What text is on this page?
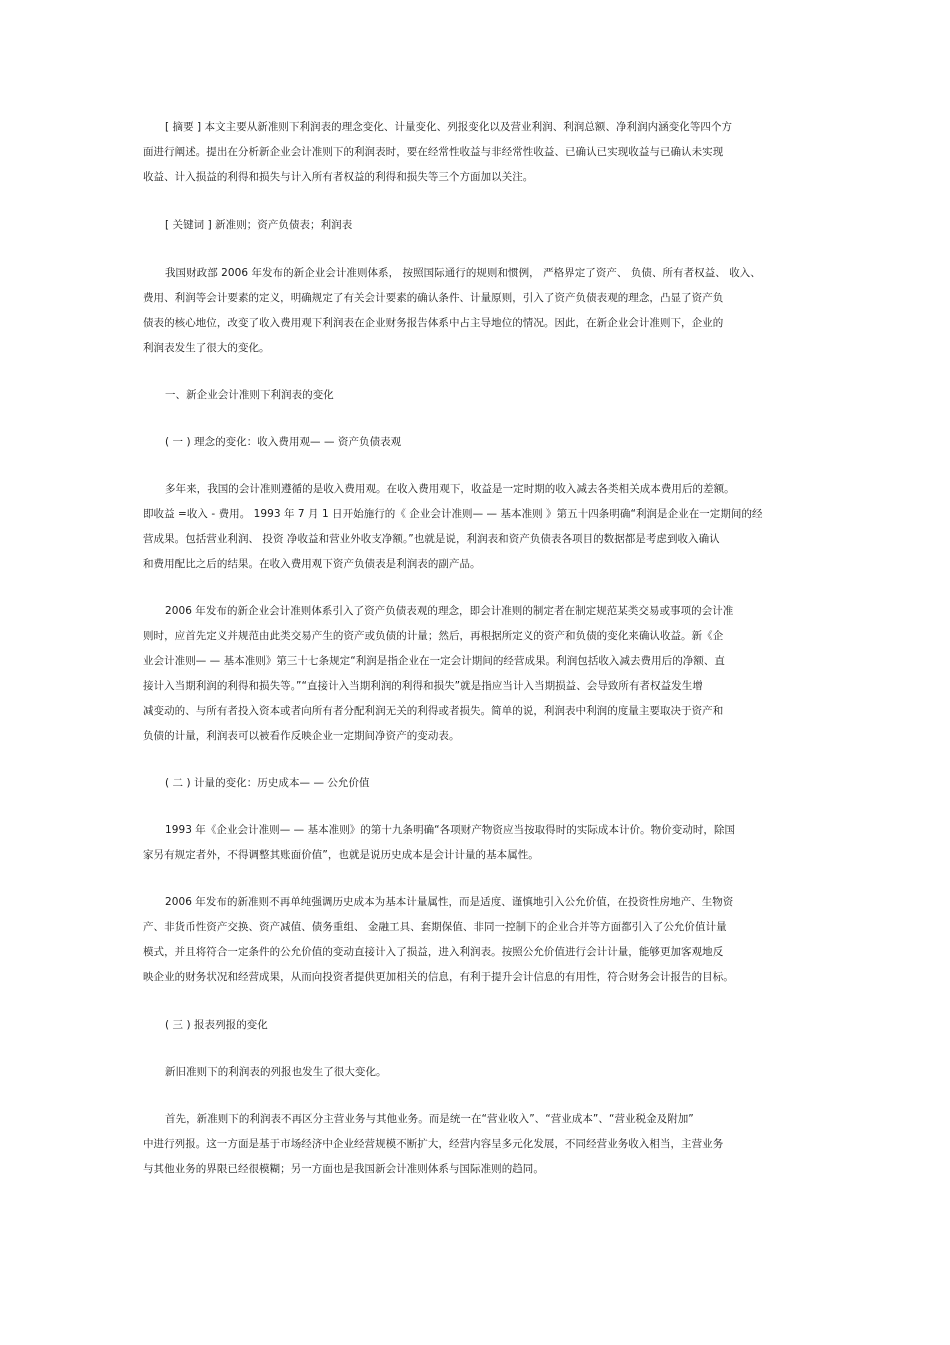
[ 摘要 ] 本文主要从新准则下利润表的理念变化、计量变化、列报变化以及营业利润、利润总额、净利润内涵变化等四个方
面进行阐述。提出在分析新企业会计准则下的利润表时，要在经常性收益与非经常性收益、已确认已实现收益与已确认未实现
收益、计入损益的利得和损失与计入所有者权益的利得和损失等三个方面加以关注。
[ 关键词 ] 新准则；资产负债表；利润表
我国财政部 2006 年发布的新企业会计准则体系， 按照国际通行的规则和惯例， 严格界定了资产、 负债、所有者权益、 收入、
费用、利润等会计要素的定义，明确规定了有关会计要素的确认条件、计量原则，引入了资产负债表观的理念，凸显了资产负
债表的核心地位，改变了收入费用观下利润表在企业财务报告体系中占主导地位的情况。因此，在新企业会计准则下，企业的
利润表发生了很大的变化。
一、新企业会计准则下利润表的变化
( 一 ) 理念的变化：收入费用观— — 资产负债表观
多年来，我国的会计准则遵循的是收入费用观。在收入费用观下，收益是一定时期的收入减去各类相关成本费用后的差额。
即收益 =收入 - 费用。 1993 年 7 月 1 日开始施行的《 企业会计准则— — 基本准则 》第五十四条明确“利润是企业在一定期间的经
营成果。包括营业利润、 投资 净收益和营业外收支净额。”也就是说，利润表和资产负债表各项目的数据都是考虑到收入确认
和费用配比之后的结果。在收入费用观下资产负债表是利润表的副产品。
2006 年发布的新企业会计准则体系引入了资产负债表观的理念，即会计准则的制定者在制定规范某类交易或事项的会计准
则时，应首先定义并规范由此类交易产生的资产或负债的计量；然后，再根据所定义的资产和负债的变化来确认收益。新《企
业会计准则— — 基本准则》第三十七条规定“利润是指企业在一定会计期间的经营成果。利润包括收入减去费用后的净额、直
接计入当期利润的利得和损失等。”“直接计入当期利润的利得和损失”就是指应当计入当期损益、会导致所有者权益发生增
减变动的、与所有者投入资本或者向所有者分配利润无关的利得或者损失。简单的说，利润表中利润的度量主要取决于资产和
负债的计量，利润表可以被看作反映企业一定期间净资产的变动表。
( 二 ) 计量的变化：历史成本— — 公允价值
1993 年《企业会计准则— — 基本准则》的第十九条明确“各项财产物资应当按取得时的实际成本计价。物价变动时，除国
家另有规定者外，不得调整其账面价值”，也就是说历史成本是会计计量的基本属性。
2006 年发布的新准则不再单纯强调历史成本为基本计量属性，而是适度、谨慎地引入公允价值，在投资性房地产、生物资
产、非货币性资产交换、资产减值、债务重组、 金融工具、套期保值、非同一控制下的企业合并等方面都引入了公允价值计量
模式，并且将符合一定条件的公允价值的变动直接计入了损益，进入利润表。按照公允价值进行会计计量，能够更加客观地反
映企业的财务状况和经营成果，从而向投资者提供更加相关的信息，有利于提升会计信息的有用性，符合财务会计报告的目标。
( 三 ) 报表列报的变化
新旧准则下的利润表的列报也发生了很大变化。
首先，新准则下的利润表不再区分主营业务与其他业务。而是统一在“营业收入”、“营业成本”、“营业税金及附加”
中进行列报。这一方面是基于市场经济中企业经营规模不断扩大，经营内容呈多元化发展，不同经营业务收入相当，主营业务
与其他业务的界限已经很模糊；另一方面也是我国新会计准则体系与国际准则的趋同。
